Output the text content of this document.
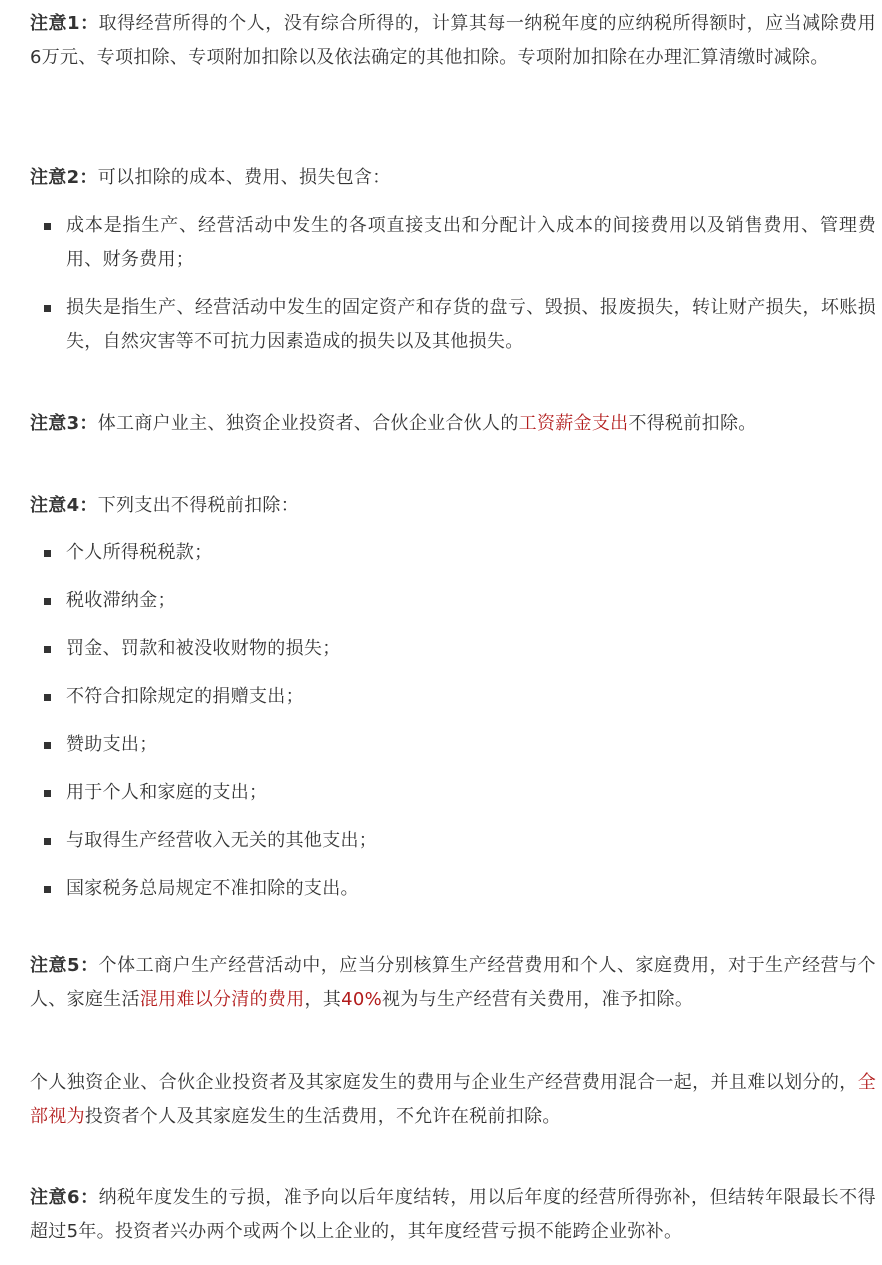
注意1：取得经营所得的个人，没有综合所得的，计算其每一纳税年度的应纳税所得额时，应当减除费用6万元、专项扣除、专项附加扣除以及依法确定的其他扣除。专项附加扣除在办理汇算清缴时减除。

注意2：可以扣除的成本、费用、损失包含：

成本是指生产、经营活动中发生的各项直接支出和分配计入成本的间接费用以及销售费用、管理费用、财务费用；
损失是指生产、经营活动中发生的固定资产和存货的盘亏、毁损、报废损失，转让财产损失，坏账损失，自然灾害等不可抗力因素造成的损失以及其他损失。

注意3：体工商户业主、独资企业投资者、合伙企业合伙人的工资薪金支出不得税前扣除。

注意4：下列支出不得税前扣除：

个人所得税税款；
税收滞纳金；
罚金、罚款和被没收财物的损失；
不符合扣除规定的捐赠支出；
赞助支出；
用于个人和家庭的支出；
与取得生产经营收入无关的其他支出；
国家税务总局规定不准扣除的支出。

注意5：个体工商户生产经营活动中，应当分别核算生产经营费用和个人、家庭费用，对于生产经营与个人、家庭生活混用难以分清的费用，其40%视为与生产经营有关费用，准予扣除。

个人独资企业、合伙企业投资者及其家庭发生的费用与企业生产经营费用混合一起，并且难以划分的，全部视为投资者个人及其家庭发生的生活费用，不允许在税前扣除。

注意6：纳税年度发生的亏损，准予向以后年度结转，用以后年度的经营所得弥补，但结转年限最长不得超过5年。投资者兴办两个或两个以上企业的，其年度经营亏损不能跨企业弥补。
